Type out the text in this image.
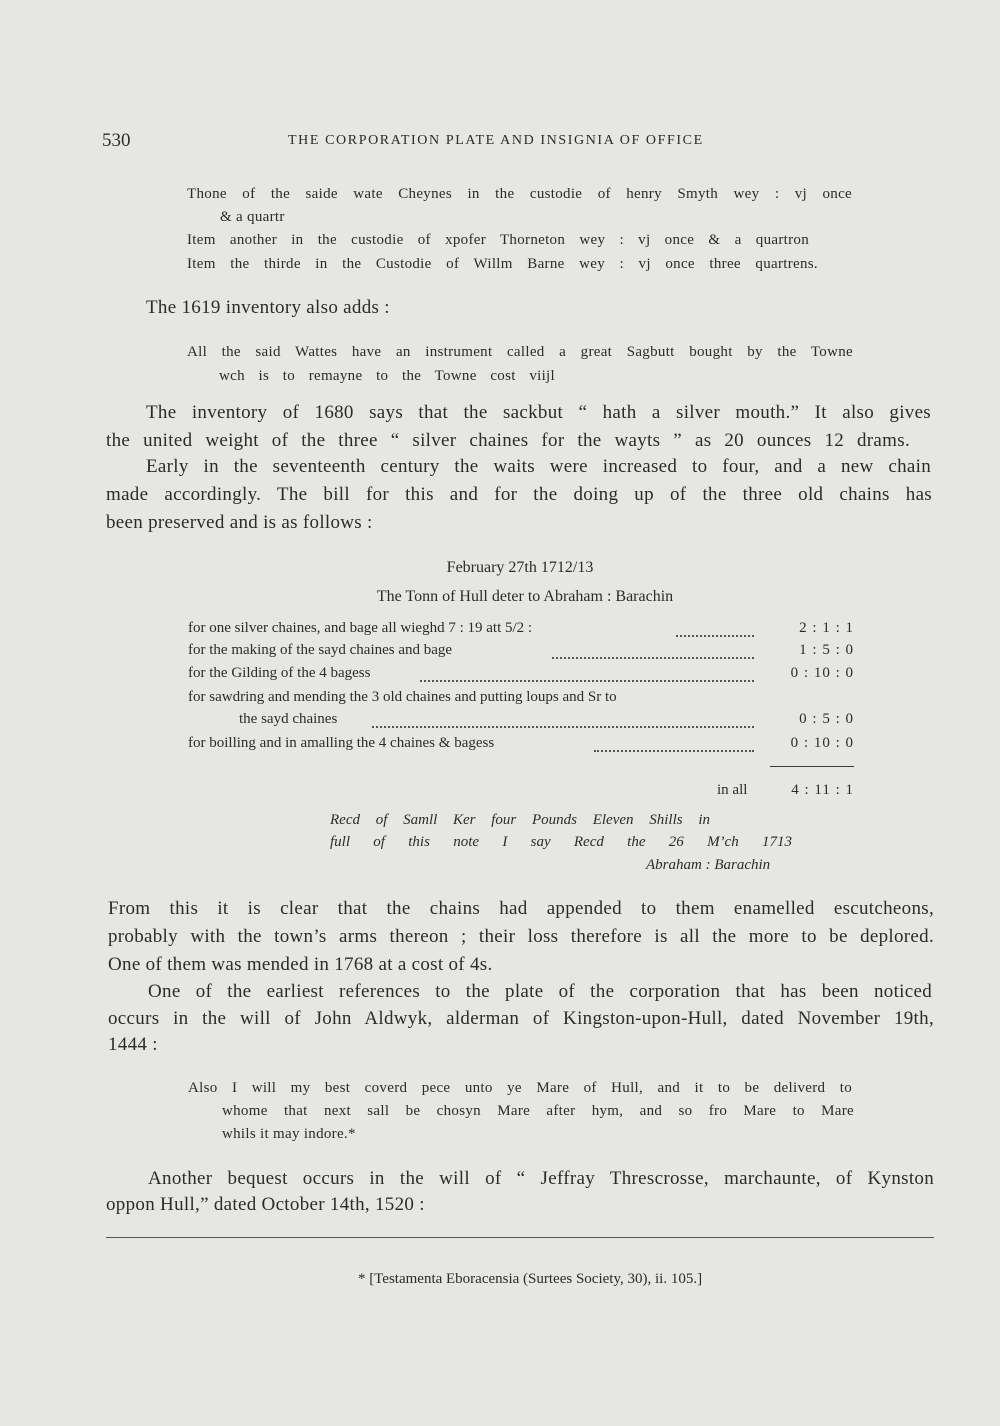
530	THE CORPORATION PLATE AND INSIGNIA OF OFFICE
Thone of the saide wate Cheynes in the custodie of henry Smyth wey : vj once
& a quartr
Item another in the custodie of xpofer Thorneton wey : vj once & a quartron
Item the thirde in the Custodie of Willm Barne wey : vj once three quartrens.
The 1619 inventory also adds :
All the said Wattes have an instrument called a great Sagbutt bought by the Towne
wch is to remayne to the Towne cost viijl
The inventory of 1680 says that the sackbut “ hath a silver mouth.” It also gives
the united weight of the three “ silver chaines for the wayts ” as 20 ounces 12 drams.
Early in the seventeenth century the waits were increased to four, and a new chain
made accordingly. The bill for this and for the doing up of the three old chains has
been preserved and is as follows :
February 27th 1712/13
The Tonn of Hull deter to Abraham : Barachin
for one silver chaines, and bage all wieghd 7 : 19 att 5/2 :	2 : 1 : 1
for the making of the sayd chaines and bage	1 : 5 : 0
for the Gilding of the 4 bagess	0 : 10 : 0
for sawdring and mending the 3 old chaines and putting loups and Sr to
the sayd chaines	0 : 5 : 0
for boilling and in amalling the 4 chaines & bagess	0 : 10 : 0
in all	4 : 11 : 1
Recd of Samll Ker four Pounds Eleven Shills in
full of this note I say Recd the 26 M’ch 1713
Abraham : Barachin
From this it is clear that the chains had appended to them enamelled escutcheons,
probably with the town’s arms thereon ; their loss therefore is all the more to be deplored.
One of them was mended in 1768 at a cost of 4s.
One of the earliest references to the plate of the corporation that has been noticed
occurs in the will of John Aldwyk, alderman of Kingston-upon-Hull, dated November 19th,
1444 :
Also I will my best coverd pece unto ye Mare of Hull, and it to be deliverd to
whome that next sall be chosyn Mare after hym, and so fro Mare to Mare
whils it may indore.*
Another bequest occurs in the will of “ Jeffray Threscrosse, marchaunte, of Kynston
oppon Hull,” dated October 14th, 1520 :
* [Testamenta Eboracensia (Surtees Society, 30), ii. 105.]
